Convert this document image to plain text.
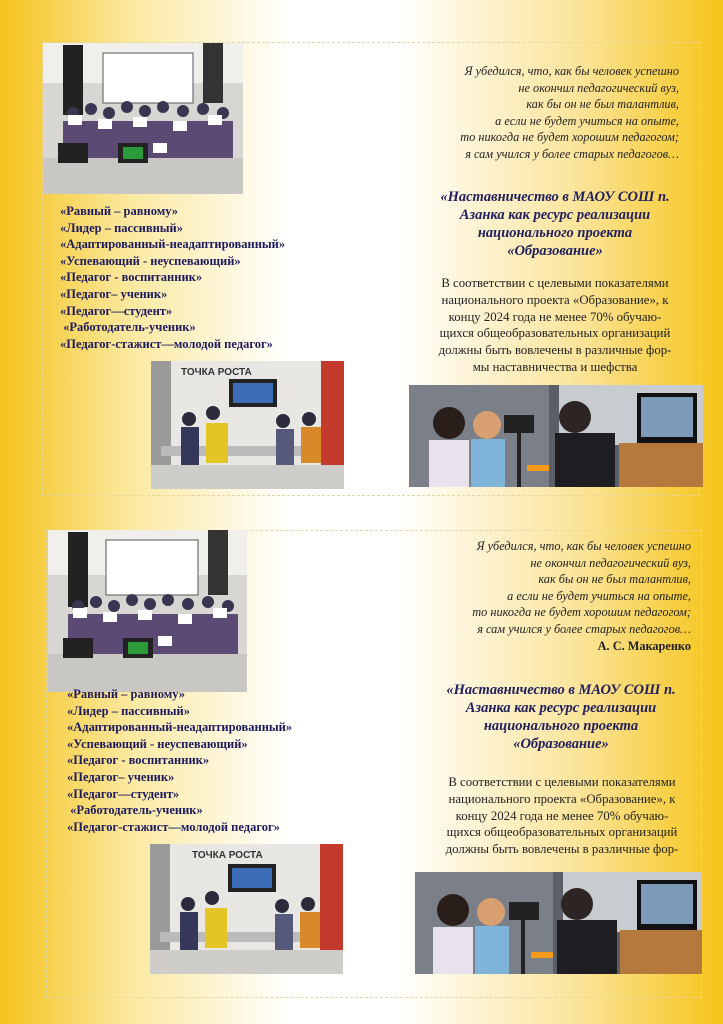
«Равный – равному»
«Лидер – пассивный»
«Адаптированный-неадаптированный»
«Успевающий - неуспевающий»
«Педагог - воспитанник»
«Педагог– ученик»
«Педагог—студент»
«Работодатель-ученик»
«Педагог-стажист—молодой педагог»
ТОЧКА РОСТА
Я убедился, что, как бы человек успешно
не окончил педагогический вуз,
как бы он не был талантлив,
а если не будет учиться на опыте,
то никогда не будет хорошим педагогом;
я сам учился у более старых педагогов…
«Наставничество в МАОУ СОШ п.
Азанка как ресурс реализации
национального проекта
«Образование»
В соответствии с целевыми показателями
национального проекта «Образование», к
концу 2024 года не менее 70% обучаю-
щихся общеобразовательных организаций
должны быть вовлечены в различные фор-
мы наставничества и шефства
«Равный – равному»
«Лидер – пассивный»
«Адаптированный-неадаптированный»
«Успевающий - неуспевающий»
«Педагог - воспитанник»
«Педагог– ученик»
«Педагог—студент»
«Работодатель-ученик»
«Педагог-стажист—молодой педагог»
ТОЧКА РОСТА
Я убедился, что, как бы человек успешно
не окончил педагогический вуз,
как бы он не был талантлив,
а если не будет учиться на опыте,
то никогда не будет хорошим педагогом;
я сам учился у более старых педагогов…
А. С. Макаренко
«Наставничество в МАОУ СОШ п.
Азанка как ресурс реализации
национального проекта
«Образование»
В соответствии с целевыми показателями
национального проекта «Образование», к
концу 2024 года не менее 70% обучаю-
щихся общеобразовательных организаций
должны быть вовлечены в различные фор-
